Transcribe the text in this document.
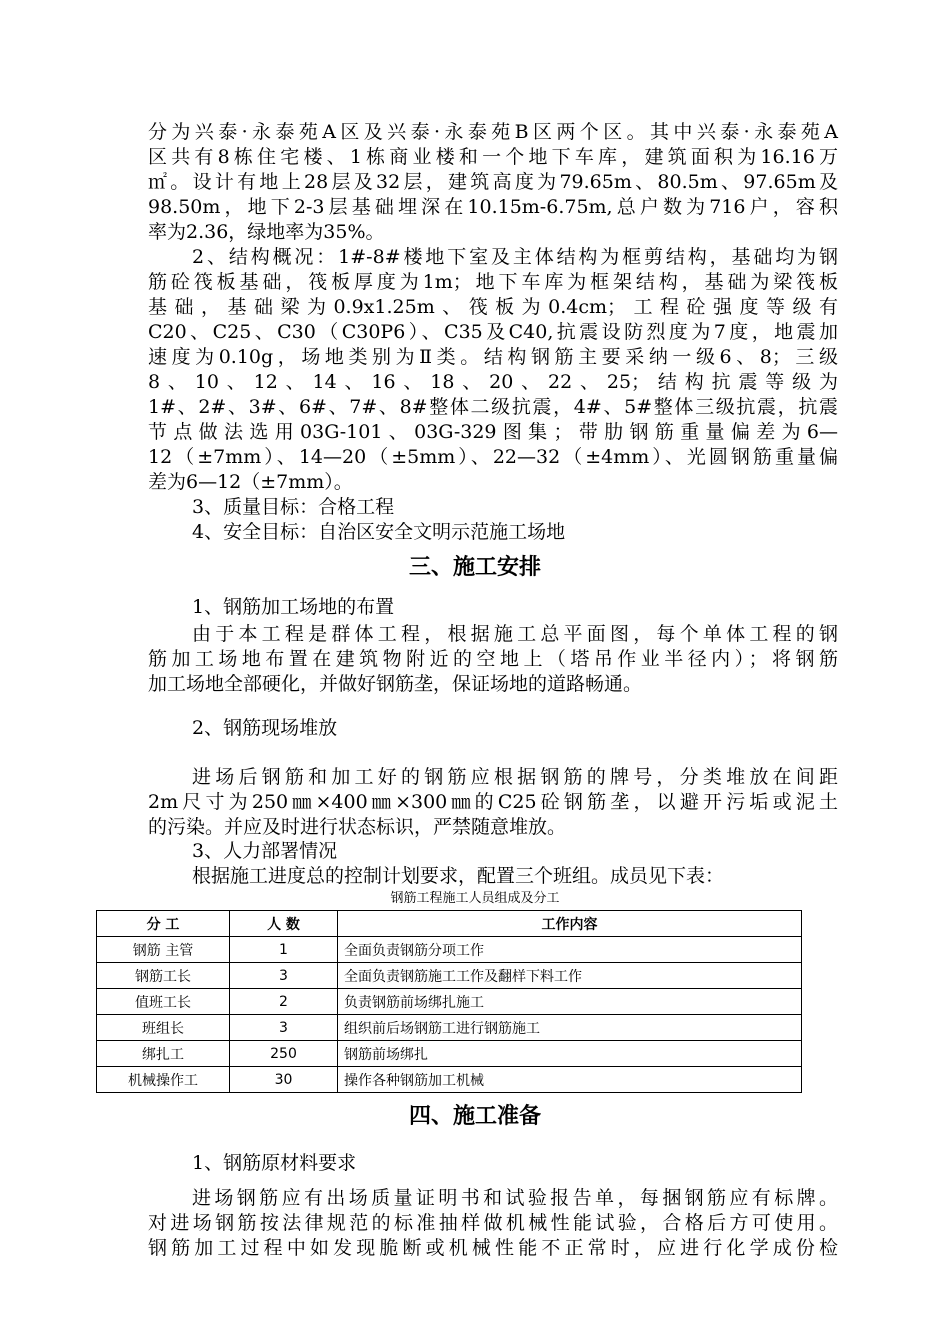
分为兴泰·永泰苑A区及兴泰·永泰苑B区两个区。其中兴泰·永泰苑A
区共有8栋住宅楼、1栋商业楼和一个地下车库，建筑面积为16.16万
㎡。设计有地上28层及32层，建筑高度为79.65m、80.5m、97.65m及
98.50m，地下2-3层基础埋深在10.15m-6.75m,总户数为716户，容积
率为2.36，绿地率为35%。
2、结构概况：1#-8#楼地下室及主体结构为框剪结构，基础均为钢
筋砼筏板基础，筏板厚度为1m；地下车库为框架结构，基础为梁筏板
基础，基础梁为0.9x1.25m、筏板为0.4cm；工程砼强度等级有
C20、C25、C30（C30P6）、C35及C40,抗震设防烈度为7度，地震加
速度为0.10g，场地类别为Ⅱ类。结构钢筋主要采纳一级6、8；三级
8、10、12、14、16、18、20、22、25；结构抗震等级为
1#、2#、3#、6#、7#、8#整体二级抗震，4#、5#整体三级抗震，抗震
节点做法选用03G-101、03G-329图集；带肋钢筋重量偏差为6—
12（±7mm）、14—20（±5mm）、22—32（±4mm）、光圆钢筋重量偏
差为6—12（±7mm）。
3、质量目标：合格工程
4、安全目标：自治区安全文明示范施工场地
三、施工安排
1、钢筋加工场地的布置
由于本工程是群体工程，根据施工总平面图，每个单体工程的钢
筋加工场地布置在建筑物附近的空地上（塔吊作业半径内）；将钢筋
加工场地全部硬化，并做好钢筋垄，保证场地的道路畅通。
2、钢筋现场堆放
进场后钢筋和加工好的钢筋应根据钢筋的牌号，分类堆放在间距
2m尺寸为250㎜×400㎜×300㎜的C25砼钢筋垄，以避开污垢或泥土
的污染。并应及时进行状态标识，严禁随意堆放。
3、人力部署情况
根据施工进度总的控制计划要求，配置三个班组。成员见下表：
钢筋工程施工人员组成及分工
分 工	人 数	工作内容
钢筋 主管	1	全面负责钢筋分项工作
钢筋工长	3	全面负责钢筋施工工作及翻样下料工作
值班工长	2	负责钢筋前场绑扎施工
班组长	3	组织前后场钢筋工进行钢筋施工
绑扎工	250	钢筋前场绑扎
机械操作工	30	操作各种钢筋加工机械
四、施工准备
1、钢筋原材料要求
进场钢筋应有出场质量证明书和试验报告单，每捆钢筋应有标牌。
对进场钢筋按法律规范的标准抽样做机械性能试验，合格后方可使用。
钢筋加工过程中如发现脆断或机械性能不正常时，应进行化学成份检
